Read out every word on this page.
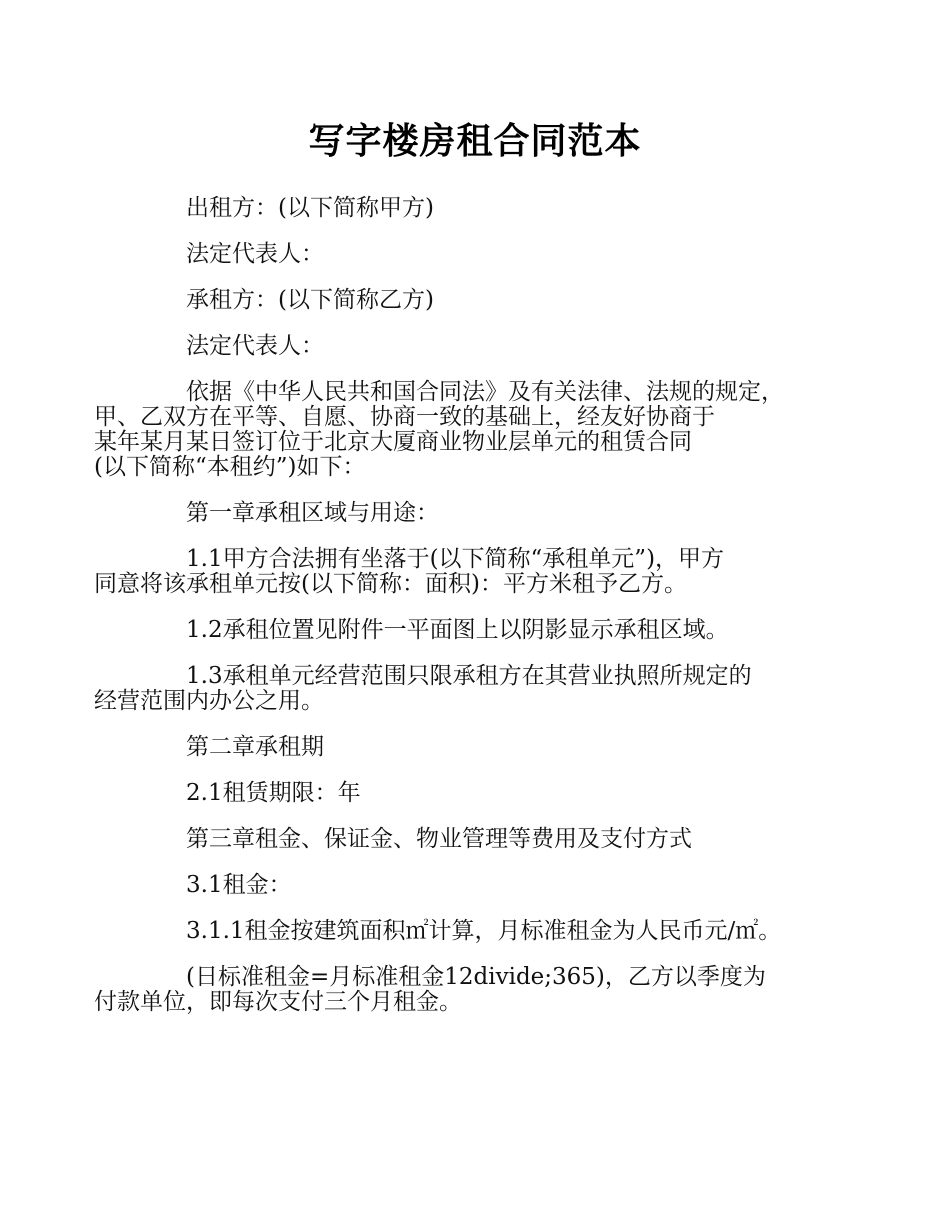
写字楼房租合同范本

出租方：(以下简称甲方)

法定代表人：

承租方：(以下简称乙方)

法定代表人：

依据《中华人民共和国合同法》及有关法律、法规的规定，
甲、乙双方在平等、自愿、协商一致的基础上，经友好协商于
某年某月某日签订位于北京大厦商业物业层单元的租赁合同
(以下简称“本租约”)如下：

第一章承租区域与用途：

1.1甲方合法拥有坐落于(以下简称“承租单元”)，甲方
同意将该承租单元按(以下简称：面积)：平方米租予乙方。

1.2承租位置见附件一平面图上以阴影显示承租区域。

1.3承租单元经营范围只限承租方在其营业执照所规定的
经营范围内办公之用。

第二章承租期

2.1租赁期限：年

第三章租金、保证金、物业管理等费用及支付方式

3.1租金：

3.1.1租金按建筑面积㎡计算，月标准租金为人民币元/㎡。

(日标准租金=月标准租金12divide;365)，乙方以季度为
付款单位，即每次支付三个月租金。
